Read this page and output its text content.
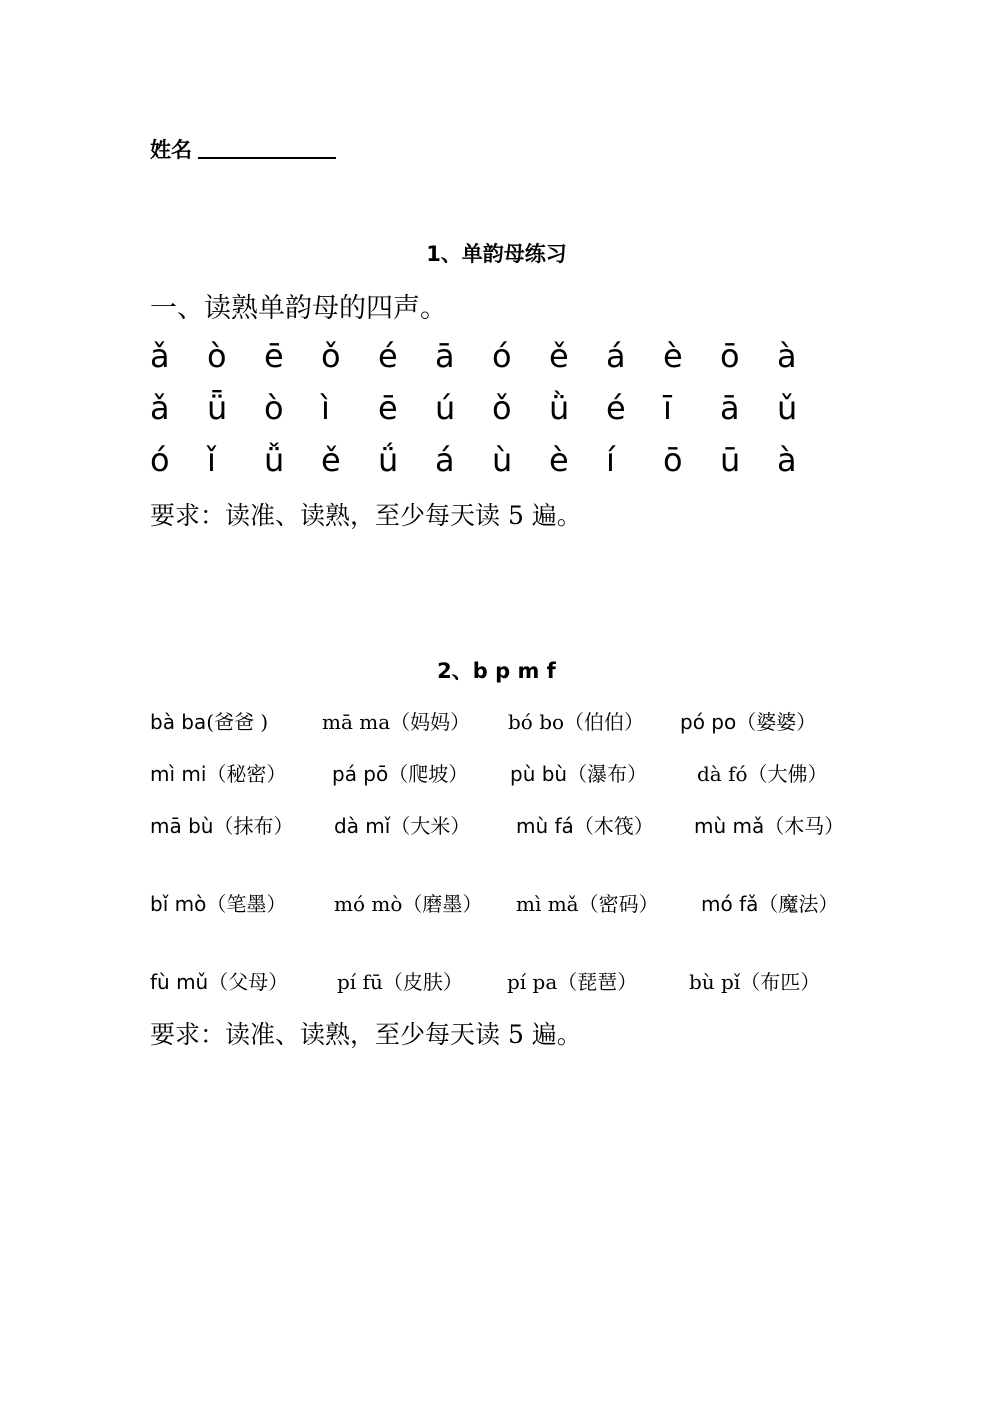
姓名
1、单韵母练习
一、读熟单韵母的四声。
ǎ	ò	ē	ǒ	é	ā	ó	ě	á	è	ō	à
ǎ	ǖ	ò	ì	ē	ú	ǒ	ǜ	é	ī	ā	ǔ
ó	ǐ	ǚ	ě	ǘ	á	ù	è	í	ō	ū	à
要求：读准、读熟，至少每天读 5 遍。
2、b p m f
bà ba(爸爸 )	mā ma（妈妈） bó bo（伯伯） pó po（婆婆）
mì mi（秘密） pá pō（爬坡） pù bù（瀑布） dà fó（大佛）
mā bù（抹布） dà mǐ（大米） mù fá（木筏） mù mǎ（木马）
bǐ mò（笔墨） mó mò（磨墨） mì mǎ（密码） mó fǎ（魔法）
fù mǔ（父母） pí fū（皮肤） pí pa（琵琶）	bù pǐ（布匹）
要求：读准、读熟，至少每天读 5 遍。
